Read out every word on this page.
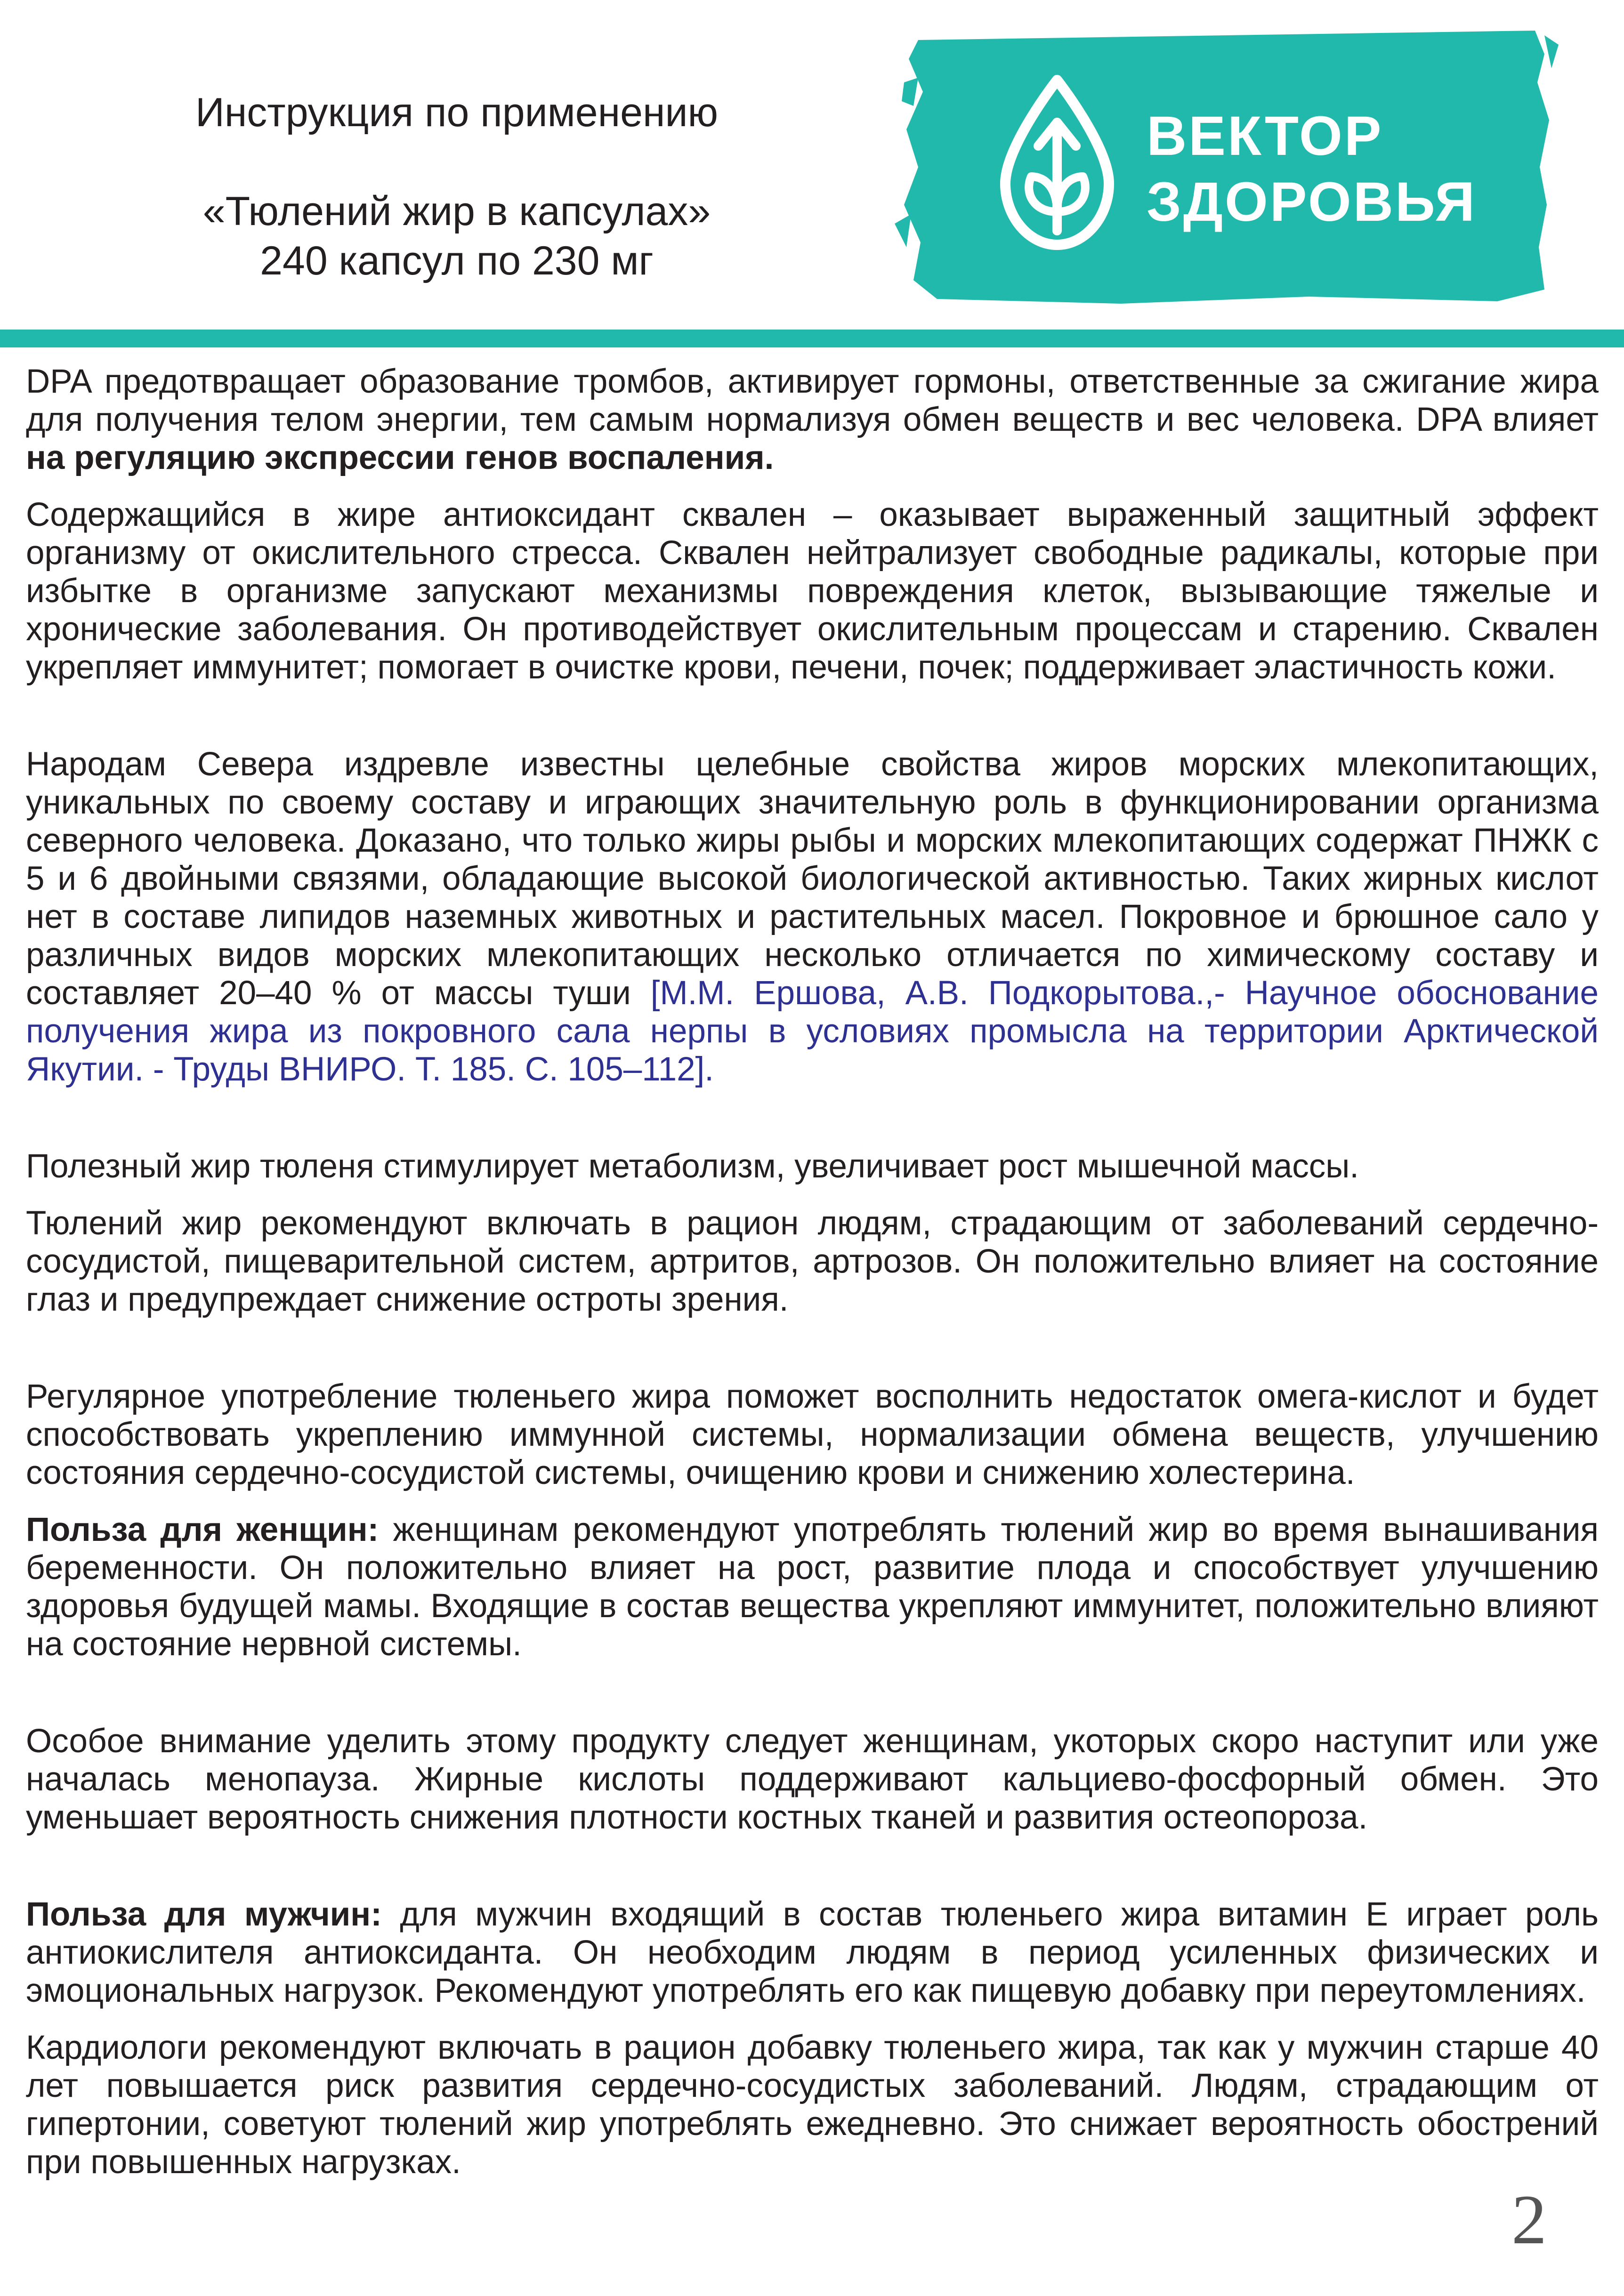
Инструкция по применению
«Тюлений жир в капсулах»
240 капсул по 230 мг
ВЕКТОР
ЗДОРОВЬЯ

DPA предотвращает образование тромбов, активирует гормоны, ответственные за сжигание жира для получения телом энергии, тем самым нормализуя обмен веществ и вес человека. DPA влияет на регуляцию экспрессии генов воспаления.

Содержащийся в жире антиоксидант сквален – оказывает выраженный защитный эффект организму от окислительного стресса. Сквален нейтрализует свободные радикалы, которые при избытке в организме запускают механизмы повреждения клеток, вызывающие тяжелые и хронические заболевания. Он противодействует окислительным процессам и старению. Сквален укрепляет иммунитет; помогает в очистке крови, печени, почек; поддерживает эластичность кожи.

Народам Севера издревле известны целебные свойства жиров морских млекопитающих, уникальных по своему составу и играющих значительную роль в функционировании организма северного человека. Доказано, что только жиры рыбы и морских млекопитающих содержат ПНЖК с 5 и 6 двойными связями, обладающие высокой биологической активностью. Таких жирных кислот нет в составе липидов наземных животных и растительных масел. Покровное и брюшное сало у различных видов морских млекопитающих несколько отличается по химическому составу и составляет 20–40 % от массы туши [М.М. Ершова, А.В. Подкорытова.,- Научное обоснование получения жира из покровного сала нерпы в условиях промысла на территории Арктической Якутии. - Труды ВНИРО. Т. 185. С. 105–112].

Полезный жир тюленя стимулирует метаболизм, увеличивает рост мышечной массы.

Тюлений жир рекомендуют включать в рацион людям, страдающим от заболеваний сердечно-сосудистой, пищеварительной систем, артритов, артрозов. Он положительно влияет на состояние глаз и предупреждает снижение остроты зрения.

Регулярное употребление тюленьего жира поможет восполнить недостаток омега-кислот и будет способствовать укреплению иммунной системы, нормализации обмена веществ, улучшению состояния сердечно-сосудистой системы, очищению крови и снижению холестерина.

Польза для женщин: женщинам рекомендуют употреблять тюлений жир во время вынашивания беременности. Он положительно влияет на рост, развитие плода и способствует улучшению здоровья будущей мамы. Входящие в состав вещества укрепляют иммунитет, положительно влияют на состояние нервной системы.

Особое внимание уделить этому продукту следует женщинам, укоторых скоро наступит или уже началась менопауза. Жирные кислоты поддерживают кальциево-фосфорный обмен. Это уменьшает вероятность снижения плотности костных тканей и развития остеопороза.

Польза для мужчин: для мужчин входящий в состав тюленьего жира витамин Е играет роль антиокислителя антиоксиданта. Он необходим людям в период усиленных физических и эмоциональных нагрузок. Рекомендуют употреблять его как пищевую добавку при переутомлениях.

Кардиологи рекомендуют включать в рацион добавку тюленьего жира, так как у мужчин старше 40 лет повышается риск развития сердечно-сосудистых заболеваний. Людям, страдающим от гипертонии, советуют тюлений жир употреблять ежедневно. Это снижает вероятность обострений при повышенных нагрузках.

2
